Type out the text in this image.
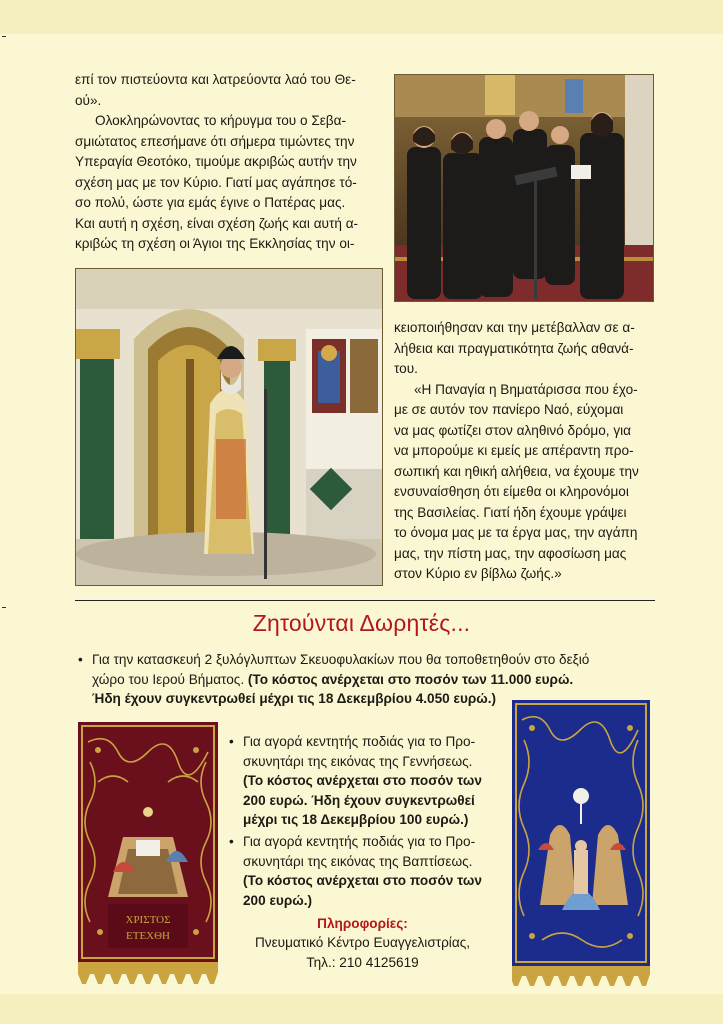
επί τον πιστεύοντα και λατρεύοντα λαό του Θε-

ού».

Ολοκληρώνοντας το κήρυγμα του ο Σεβα-

σμιώτατος επεσήμανε ότι σήμερα τιμώντες την

Υπεραγία Θεοτόκο, τιμούμε ακριβώς αυτήν την

σχέση μας με τον Κύριο. Γιατί μας αγάπησε τό-

σο πολύ, ώστε για εμάς έγινε ο Πατέρας μας.

Και αυτή η σχέση, είναι σχέση ζωής και αυτή α-

κριβώς τη σχέση οι Άγιοι της Εκκλησίας την οι-

κειοποιήθησαν και την μετέβαλλαν σε α-

λήθεια και πραγματικότητα ζωής αθανά-

του.

«Η Παναγία η Βηματάρισσα που έχο-

με σε αυτόν τον πανίερο Ναό, εύχομαι

να μας φωτίζει στον αληθινό δρόμο, για

να μπορούμε κι εμείς με απέραντη προ-

σωπική και ηθική αλήθεια, να έχουμε την

ενσυναίσθηση ότι είμεθα οι κληρονόμοι

της Βασιλείας. Γιατί ήδη έχουμε γράψει

το όνομα μας με τα έργα μας, την αγάπη

μας, την πίστη μας, την αφοσίωση μας

στον Κύριο εν βίβλω ζωής.»

Ζητούνται Δωρητές...
• Για την κατασκευή 2 ξυλόγλυπτων Σκευοφυλακίων που θα τοποθετηθούν στο δεξιό
χώρο του Ιερού Βήματος. (Το κόστος ανέρχεται στο ποσόν των 11.000 ευρώ.
Ήδη έχουν συγκεντρωθεί μέχρι τις 18 Δεκεμβρίου 4.050 ευρώ.)
ΧΡΙΣΤΟΣ
ΕΤΕΧΘΗ
• Για αγορά κεντητής ποδιάς για το Προ-
σκυνητάρι της εικόνας της Γεννήσεως.
(Το κόστος ανέρχεται στο ποσόν των
200 ευρώ. Ήδη έχουν συγκεντρωθεί
μέχρι τις 18 Δεκεμβρίου 100 ευρώ.)
• Για αγορά κεντητής ποδιάς για το Προ-
σκυνητάρι της εικόνας της Βαπτίσεως.
(Το κόστος ανέρχεται στο ποσόν των
200 ευρώ.)
Πληροφορίες:
Πνευματικό Κέντρο Ευαγγελιστρίας,
Τηλ.: 210 4125619
